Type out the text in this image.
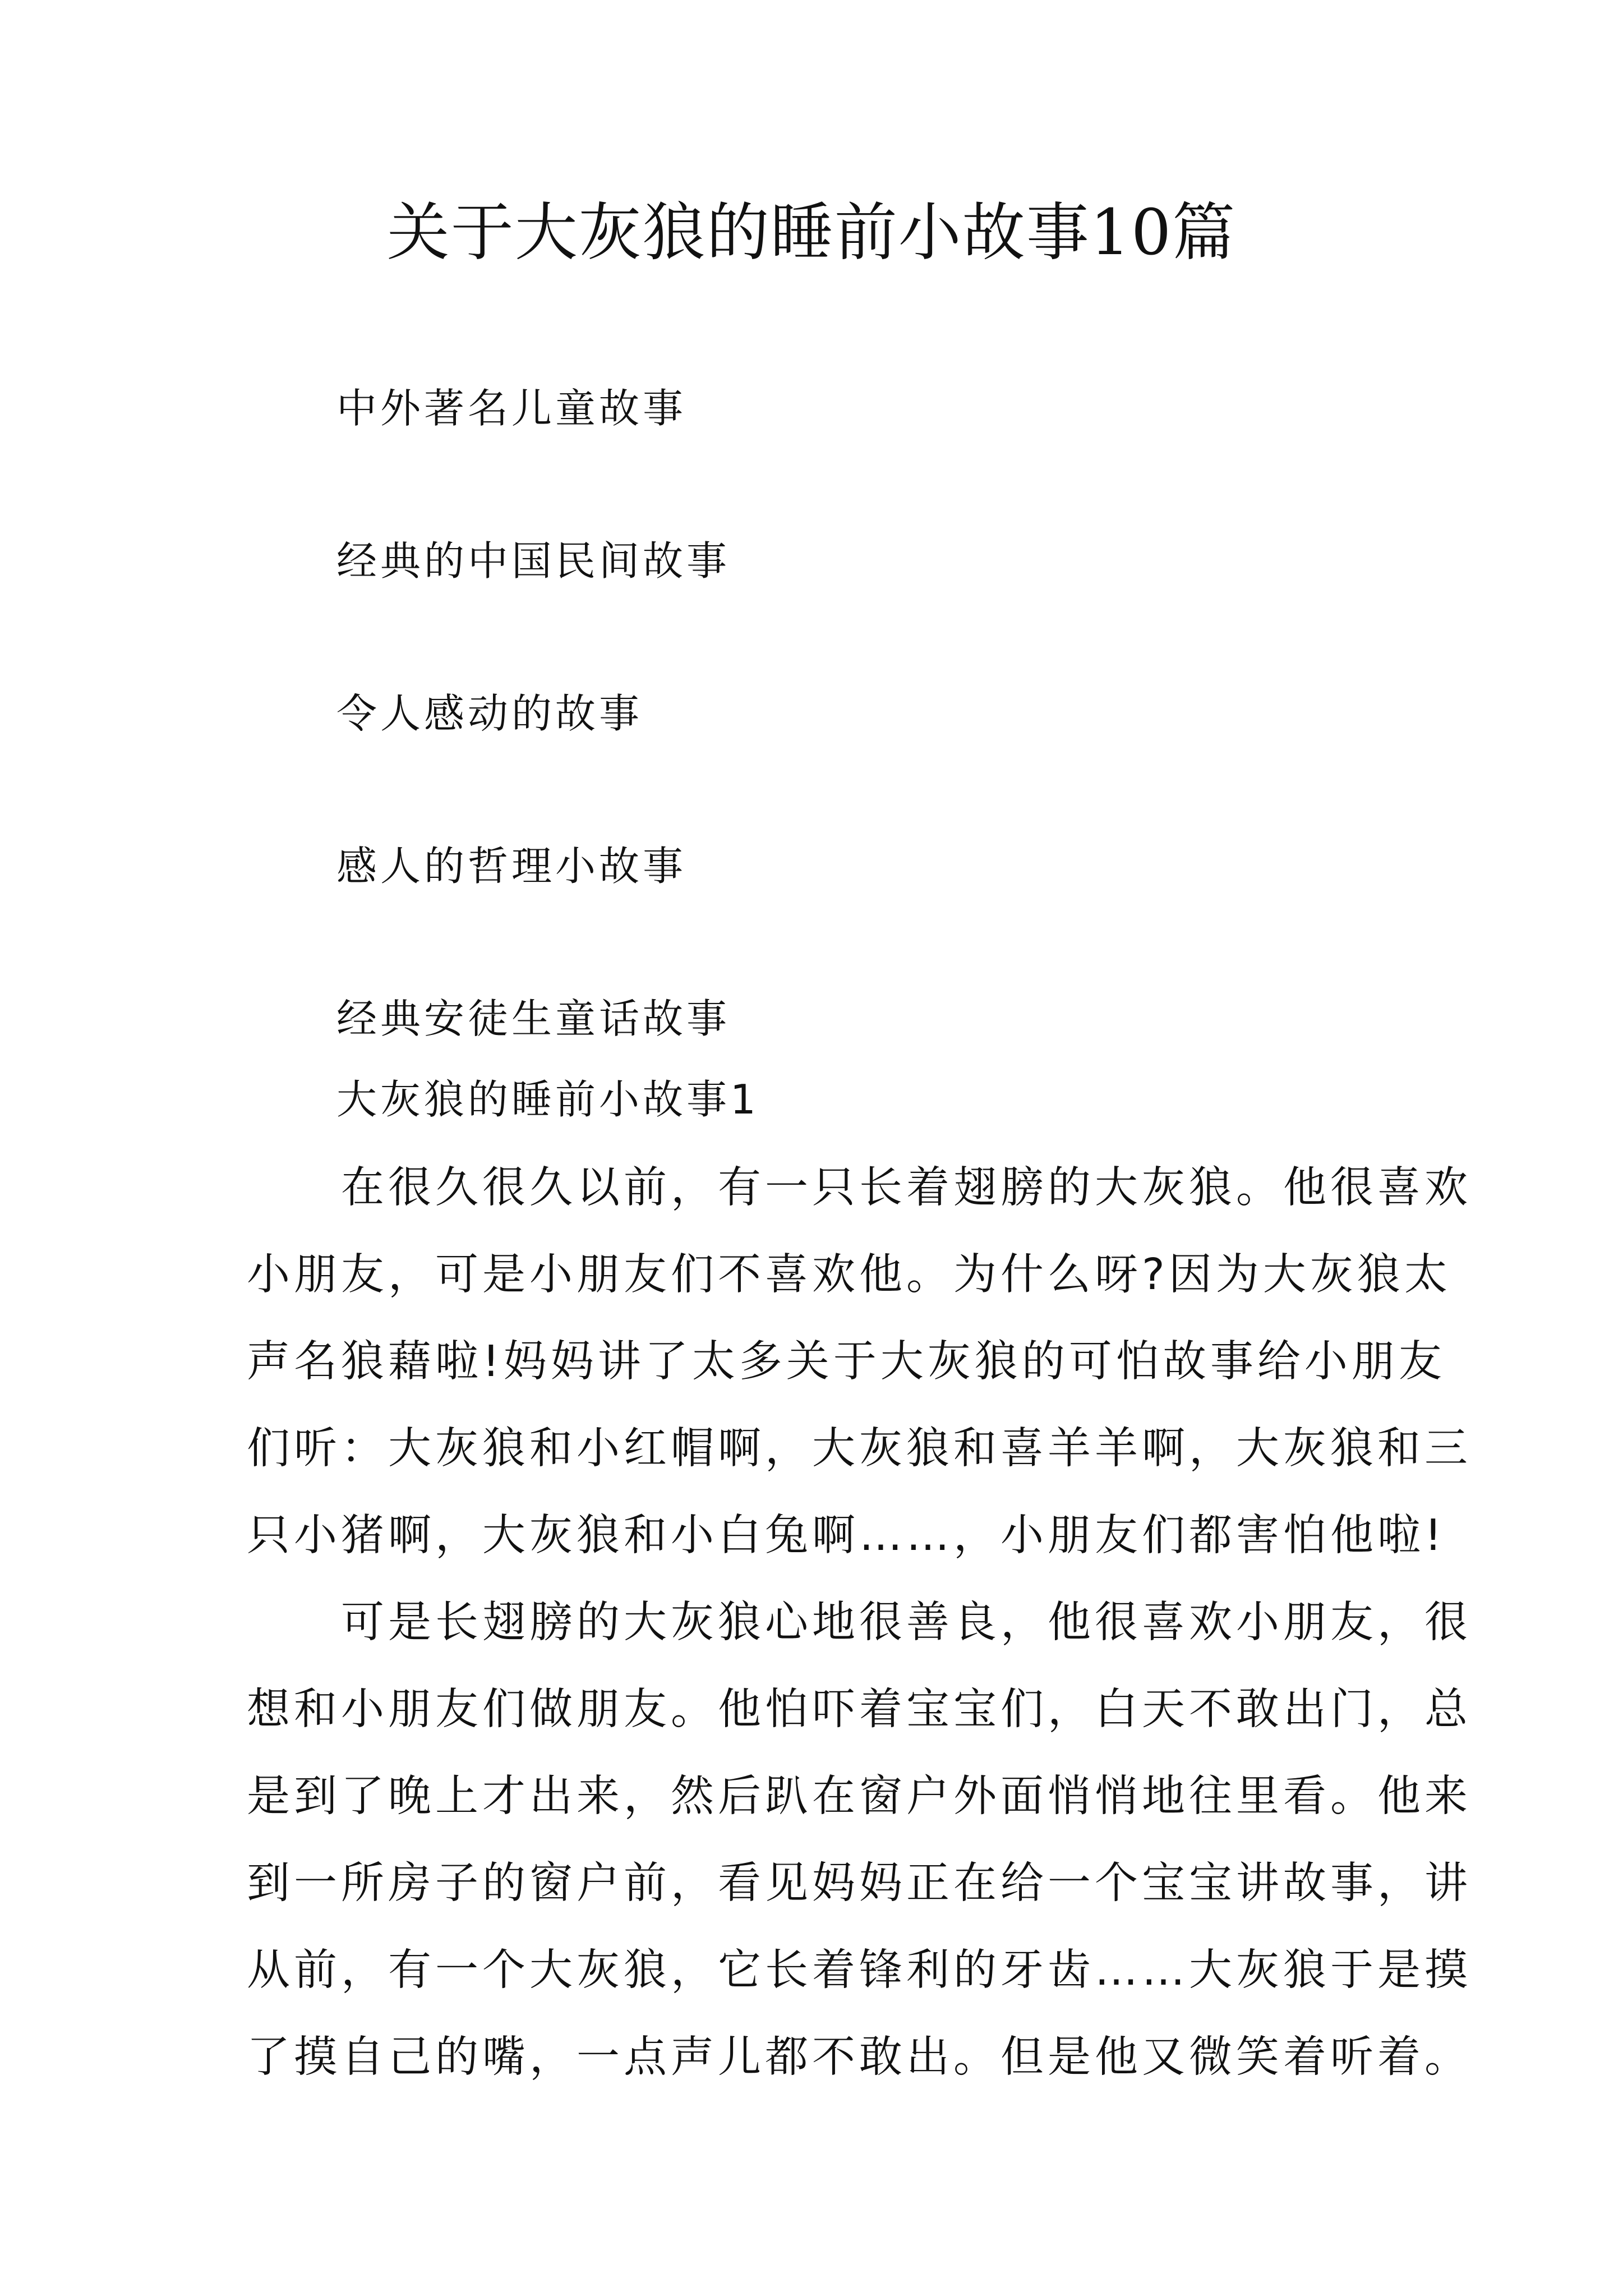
关于大灰狼的睡前小故事10篇
中外著名儿童故事
经典的中国民间故事
令人感动的故事
感人的哲理小故事
经典安徒生童话故事
大灰狼的睡前小故事1
　　在很久很久以前，有一只长着翅膀的大灰狼。他很喜欢
小朋友，可是小朋友们不喜欢他。为什么呀?因为大灰狼太
声名狼藉啦!妈妈讲了太多关于大灰狼的可怕故事给小朋友
们听：大灰狼和小红帽啊，大灰狼和喜羊羊啊，大灰狼和三
只小猪啊，大灰狼和小白兔啊……，小朋友们都害怕他啦!
　　可是长翅膀的大灰狼心地很善良，他很喜欢小朋友，很
想和小朋友们做朋友。他怕吓着宝宝们，白天不敢出门，总
是到了晚上才出来，然后趴在窗户外面悄悄地往里看。他来
到一所房子的窗户前，看见妈妈正在给一个宝宝讲故事，讲
从前，有一个大灰狼，它长着锋利的牙齿……大灰狼于是摸
了摸自己的嘴，一点声儿都不敢出。但是他又微笑着听着。
